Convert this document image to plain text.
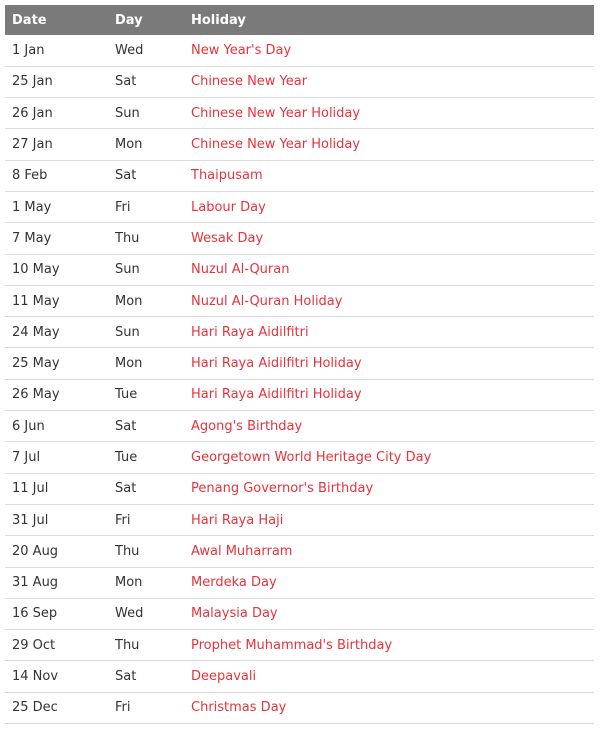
Date	Day	Holiday
1 Jan	Wed	New Year's Day
25 Jan	Sat	Chinese New Year
26 Jan	Sun	Chinese New Year Holiday
27 Jan	Mon	Chinese New Year Holiday
8 Feb	Sat	Thaipusam
1 May	Fri	Labour Day
7 May	Thu	Wesak Day
10 May	Sun	Nuzul Al-Quran
11 May	Mon	Nuzul Al-Quran Holiday
24 May	Sun	Hari Raya Aidilfitri
25 May	Mon	Hari Raya Aidilfitri Holiday
26 May	Tue	Hari Raya Aidilfitri Holiday
6 Jun	Sat	Agong's Birthday
7 Jul	Tue	Georgetown World Heritage City Day
11 Jul	Sat	Penang Governor's Birthday
31 Jul	Fri	Hari Raya Haji
20 Aug	Thu	Awal Muharram
31 Aug	Mon	Merdeka Day
16 Sep	Wed	Malaysia Day
29 Oct	Thu	Prophet Muhammad's Birthday
14 Nov	Sat	Deepavali
25 Dec	Fri	Christmas Day
